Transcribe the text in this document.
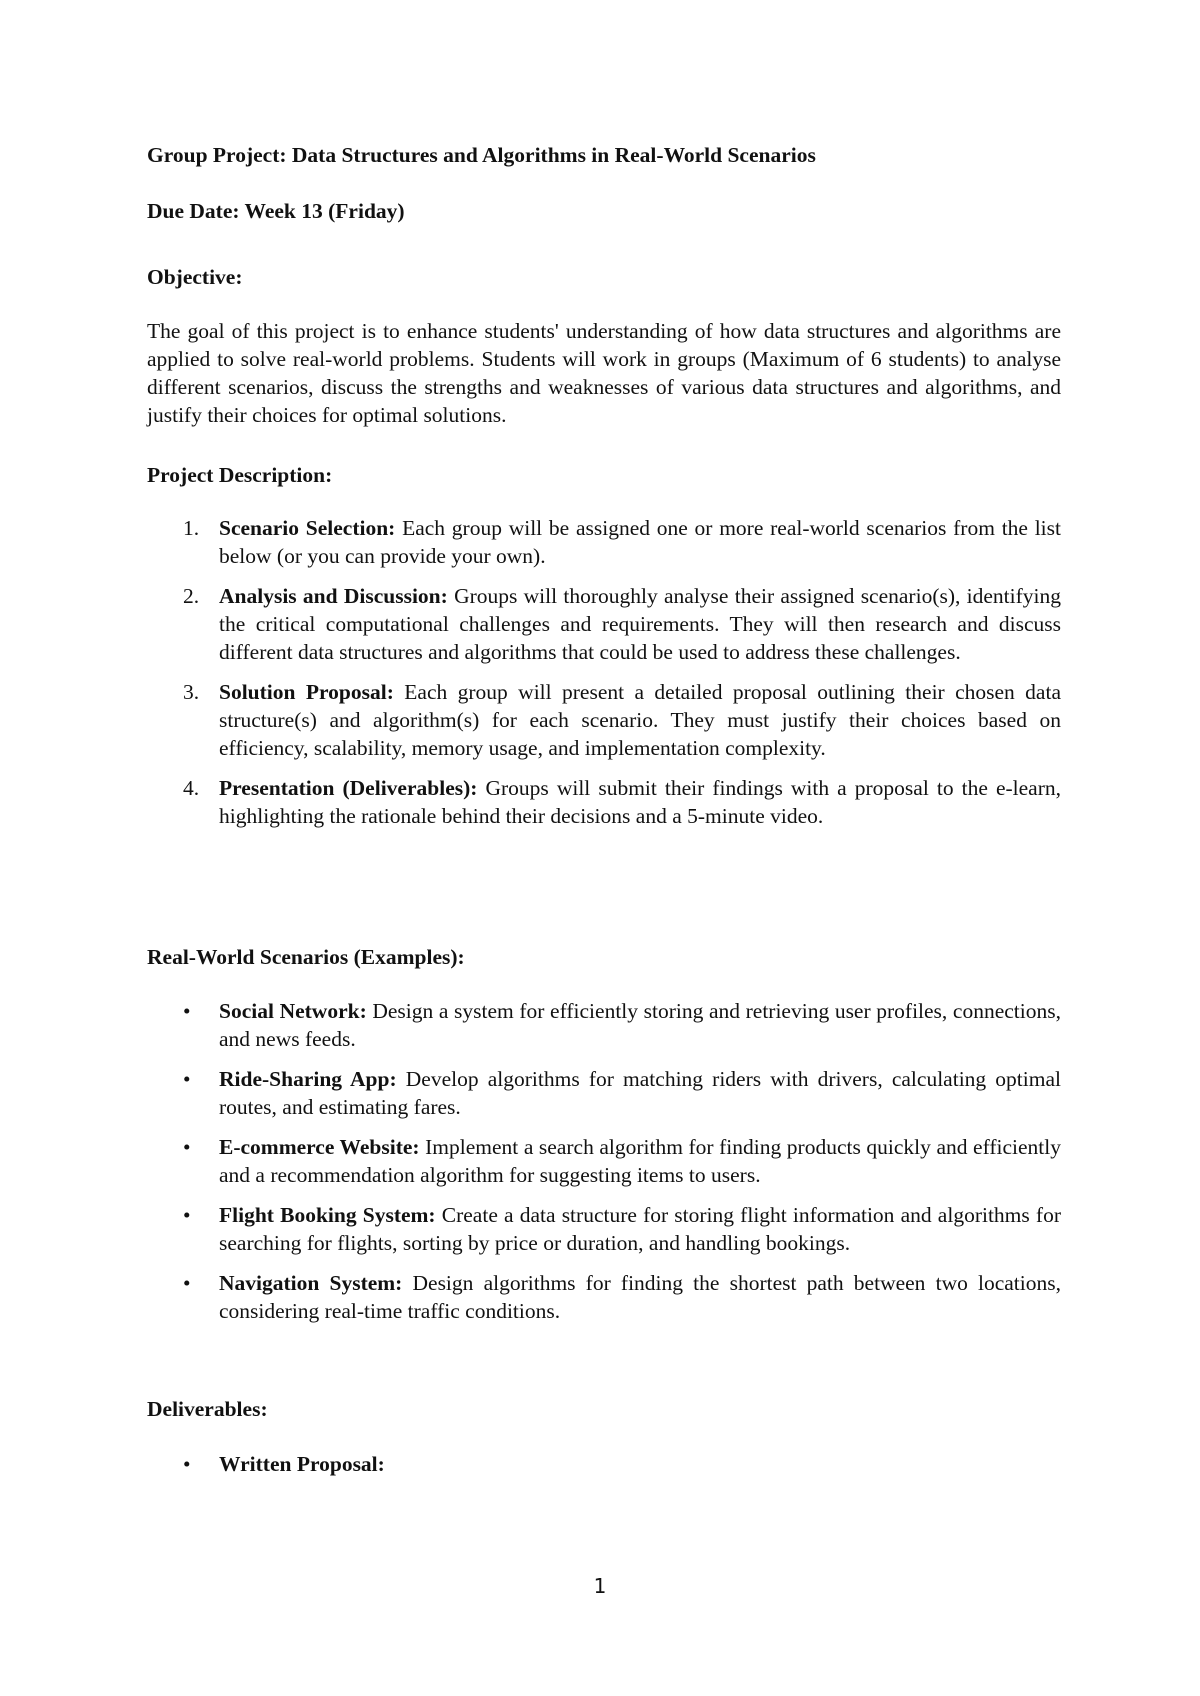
Group Project: Data Structures and Algorithms in Real-World Scenarios

Due Date: Week 13 (Friday)

Objective:

The goal of this project is to enhance students' understanding of how data structures and algorithms are applied to solve real-world problems. Students will work in groups (Maximum of 6 students) to analyse different scenarios, discuss the strengths and weaknesses of various data structures and algorithms, and justify their choices for optimal solutions.

Project Description:

1. Scenario Selection: Each group will be assigned one or more real-world scenarios from the list below (or you can provide your own).
2. Analysis and Discussion: Groups will thoroughly analyse their assigned scenario(s), identifying the critical computational challenges and requirements. They will then research and discuss different data structures and algorithms that could be used to address these challenges.
3. Solution Proposal: Each group will present a detailed proposal outlining their chosen data structure(s) and algorithm(s) for each scenario. They must justify their choices based on efficiency, scalability, memory usage, and implementation complexity.
4. Presentation (Deliverables): Groups will submit their findings with a proposal to the e-learn, highlighting the rationale behind their decisions and a 5-minute video.

Real-World Scenarios (Examples):

• Social Network: Design a system for efficiently storing and retrieving user profiles, connections, and news feeds.
• Ride-Sharing App: Develop algorithms for matching riders with drivers, calculating optimal routes, and estimating fares.
• E-commerce Website: Implement a search algorithm for finding products quickly and efficiently and a recommendation algorithm for suggesting items to users.
• Flight Booking System: Create a data structure for storing flight information and algorithms for searching for flights, sorting by price or duration, and handling bookings.
• Navigation System: Design algorithms for finding the shortest path between two locations, considering real-time traffic conditions.

Deliverables:

• Written Proposal:
1
